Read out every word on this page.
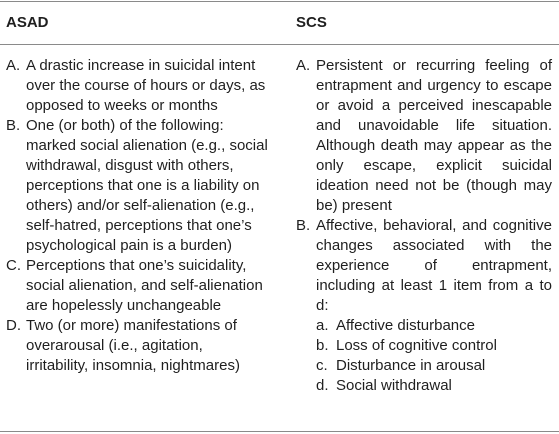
ASAD	SCS
A. A drastic increase in suicidal intent over the course of hours or days, as opposed to weeks or months
B. One (or both) of the following: marked social alienation (e.g., social withdrawal, disgust with others, perceptions that one is a liability on others) and/or self-alienation (e.g., self-hatred, perceptions that one’s psychological pain is a burden)
C. Perceptions that one’s suicidality, social alienation, and self-alienation are hopelessly unchangeable
D. Two (or more) manifestations of overarousal (i.e., agitation, irritability, insomnia, nightmares)
A. Persistent or recurring feeling of entrapment and urgency to escape or avoid a perceived inescapable and unavoidable life situation. Although death may appear as the only escape, explicit suicidal ideation need not be (though may be) present
B. Affective, behavioral, and cognitive changes associated with the experience of entrapment, including at least 1 item from a to d:
a. Affective disturbance
b. Loss of cognitive control
c. Disturbance in arousal
d. Social withdrawal
